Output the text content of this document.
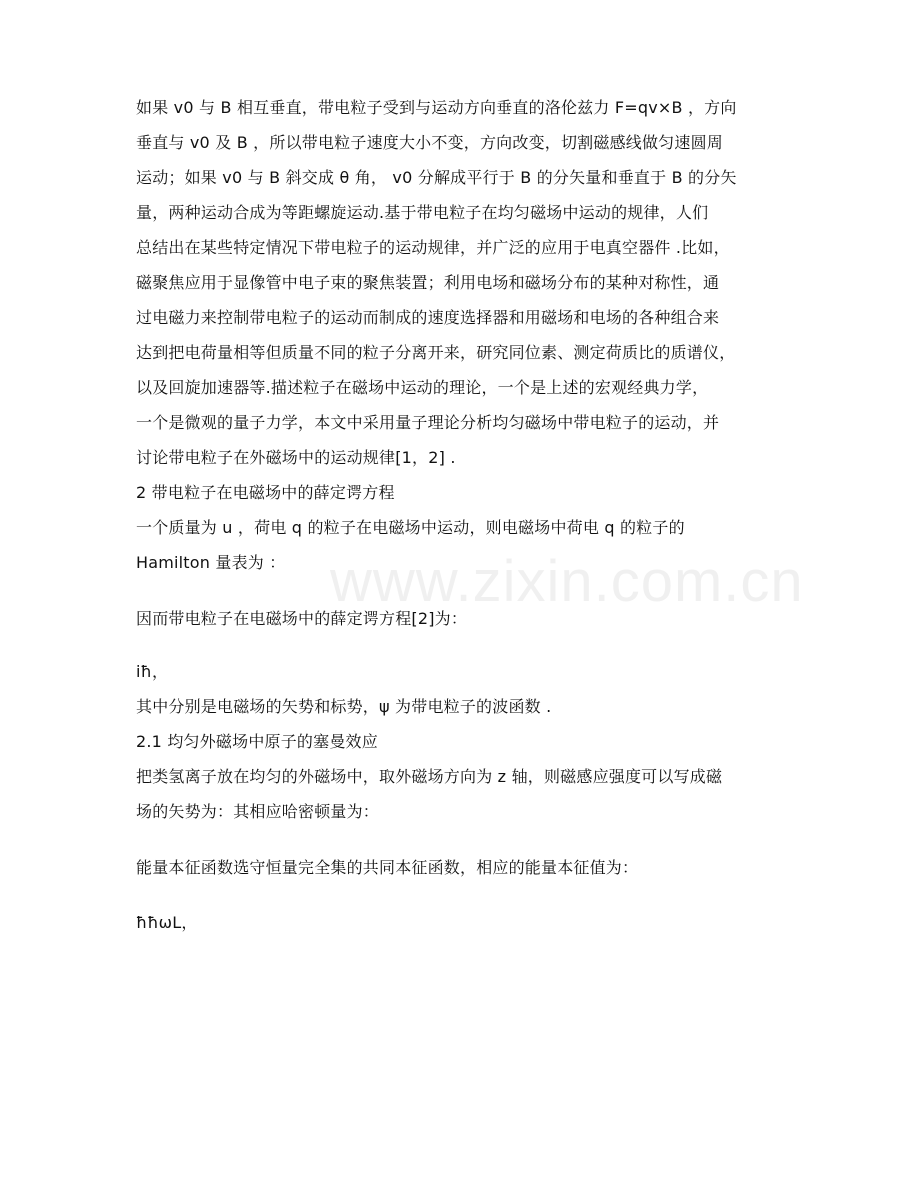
www.zixin.com.cn
如果 v0 与 B 相互垂直，带电粒子受到与运动方向垂直的洛伦兹力 F=qv×B ，方向
垂直与 v0 及 B ，所以带电粒子速度大小不变，方向改变，切割磁感线做匀速圆周
运动；如果 v0 与 B 斜交成 θ 角， v0 分解成平行于 B 的分矢量和垂直于 B 的分矢
量，两种运动合成为等距螺旋运动.基于带电粒子在均匀磁场中运动的规律，人们
总结出在某些特定情况下带电粒子的运动规律，并广泛的应用于电真空器件 .比如，
磁聚焦应用于显像管中电子束的聚焦装置；利用电场和磁场分布的某种对称性，通
过电磁力来控制带电粒子的运动而制成的速度选择器和用磁场和电场的各种组合来
达到把电荷量相等但质量不同的粒子分离开来，研究同位素、测定荷质比的质谱仪，
以及回旋加速器等.描述粒子在磁场中运动的理论，一个是上述的宏观经典力学，
一个是微观的量子力学，本文中采用量子理论分析均匀磁场中带电粒子的运动，并
讨论带电粒子在外磁场中的运动规律[1，2] .
2 带电粒子在电磁场中的薛定谔方程
一个质量为 u ，荷电 q 的粒子在电磁场中运动，则电磁场中荷电 q 的粒子的
Hamilton 量表为 ：
因而带电粒子在电磁场中的薛定谔方程[2]为：
iħ，
其中分别是电磁场的矢势和标势，ψ 为带电粒子的波函数 .
2.1 均匀外磁场中原子的塞曼效应
把类氢离子放在均匀的外磁场中，取外磁场方向为 z 轴，则磁感应强度可以写成磁
场的矢势为：其相应哈密顿量为：
能量本征函数选守恒量完全集的共同本征函数，相应的能量本征值为：
ħħωL，
